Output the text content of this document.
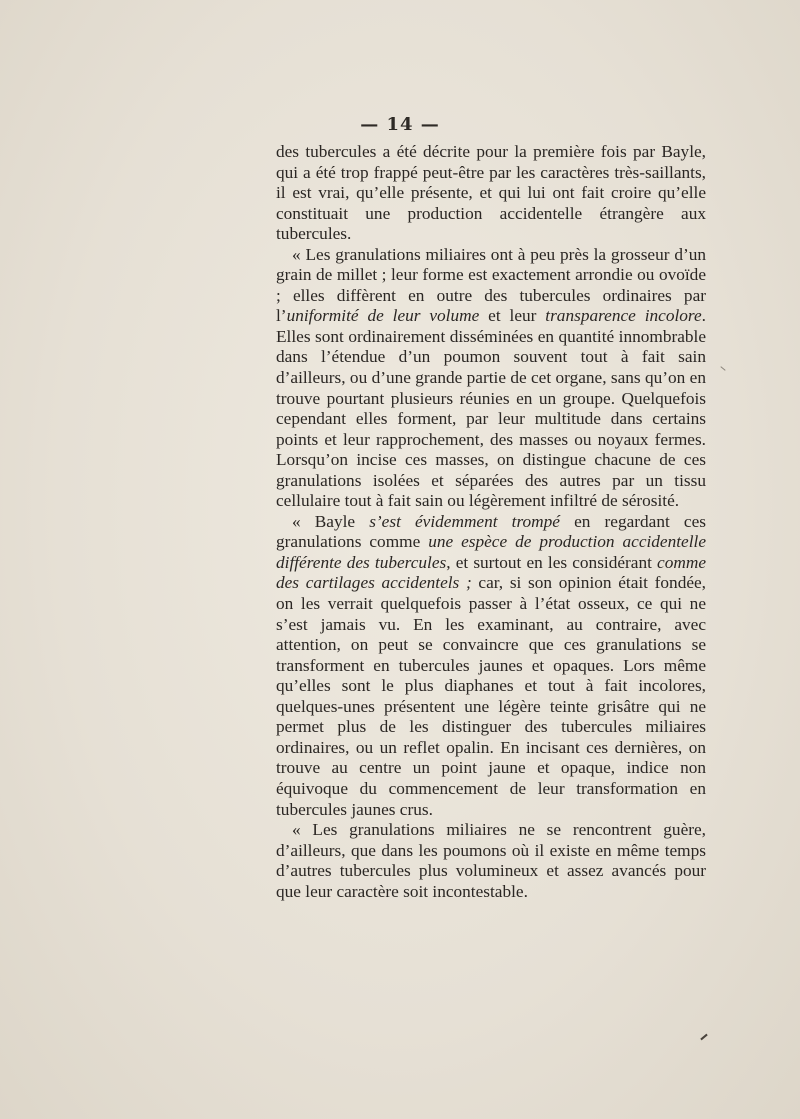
— 14 —

des tubercules a été décrite pour la première fois par Bayle, qui a été trop frappé peut-être par les caractères très-saillants, il est vrai, qu’elle présente, et qui lui ont fait croire qu’elle constituait une production accidentelle étrangère aux tubercules.

« Les granulations miliaires ont à peu près la grosseur d’un grain de millet ; leur forme est exactement arrondie ou ovoïde ; elles diffèrent en outre des tubercules ordinaires par l’uniformité de leur volume et leur transparence incolore. Elles sont ordinairement disséminées en quantité innombrable dans l’étendue d’un poumon souvent tout à fait sain d’ailleurs, ou d’une grande partie de cet organe, sans qu’on en trouve pourtant plusieurs réunies en un groupe. Quelquefois cependant elles forment, par leur multitude dans certains points et leur rapprochement, des masses ou noyaux fermes. Lorsqu’on incise ces masses, on distingue chacune de ces granulations isolées et séparées des autres par un tissu cellulaire tout à fait sain ou légèrement infiltré de sérosité.

« Bayle s’est évidemment trompé en regardant ces granulations comme une espèce de production accidentelle différente des tubercules, et surtout en les considérant comme des cartilages accidentels ; car, si son opinion était fondée, on les verrait quelquefois passer à l’état osseux, ce qui ne s’est jamais vu. En les examinant, au contraire, avec attention, on peut se convaincre que ces granulations se transforment en tubercules jaunes et opaques. Lors même qu’elles sont le plus diaphanes et tout à fait incolores, quelques-unes présentent une légère teinte grisâtre qui ne permet plus de les distinguer des tubercules miliaires ordinaires, ou un reflet opalin. En incisant ces dernières, on trouve au centre un point jaune et opaque, indice non équivoque du commencement de leur transformation en tubercules jaunes crus.

« Les granulations miliaires ne se rencontrent guère, d’ailleurs, que dans les poumons où il existe en même temps d’autres tubercules plus volumineux et assez avancés pour que leur caractère soit incontestable.
